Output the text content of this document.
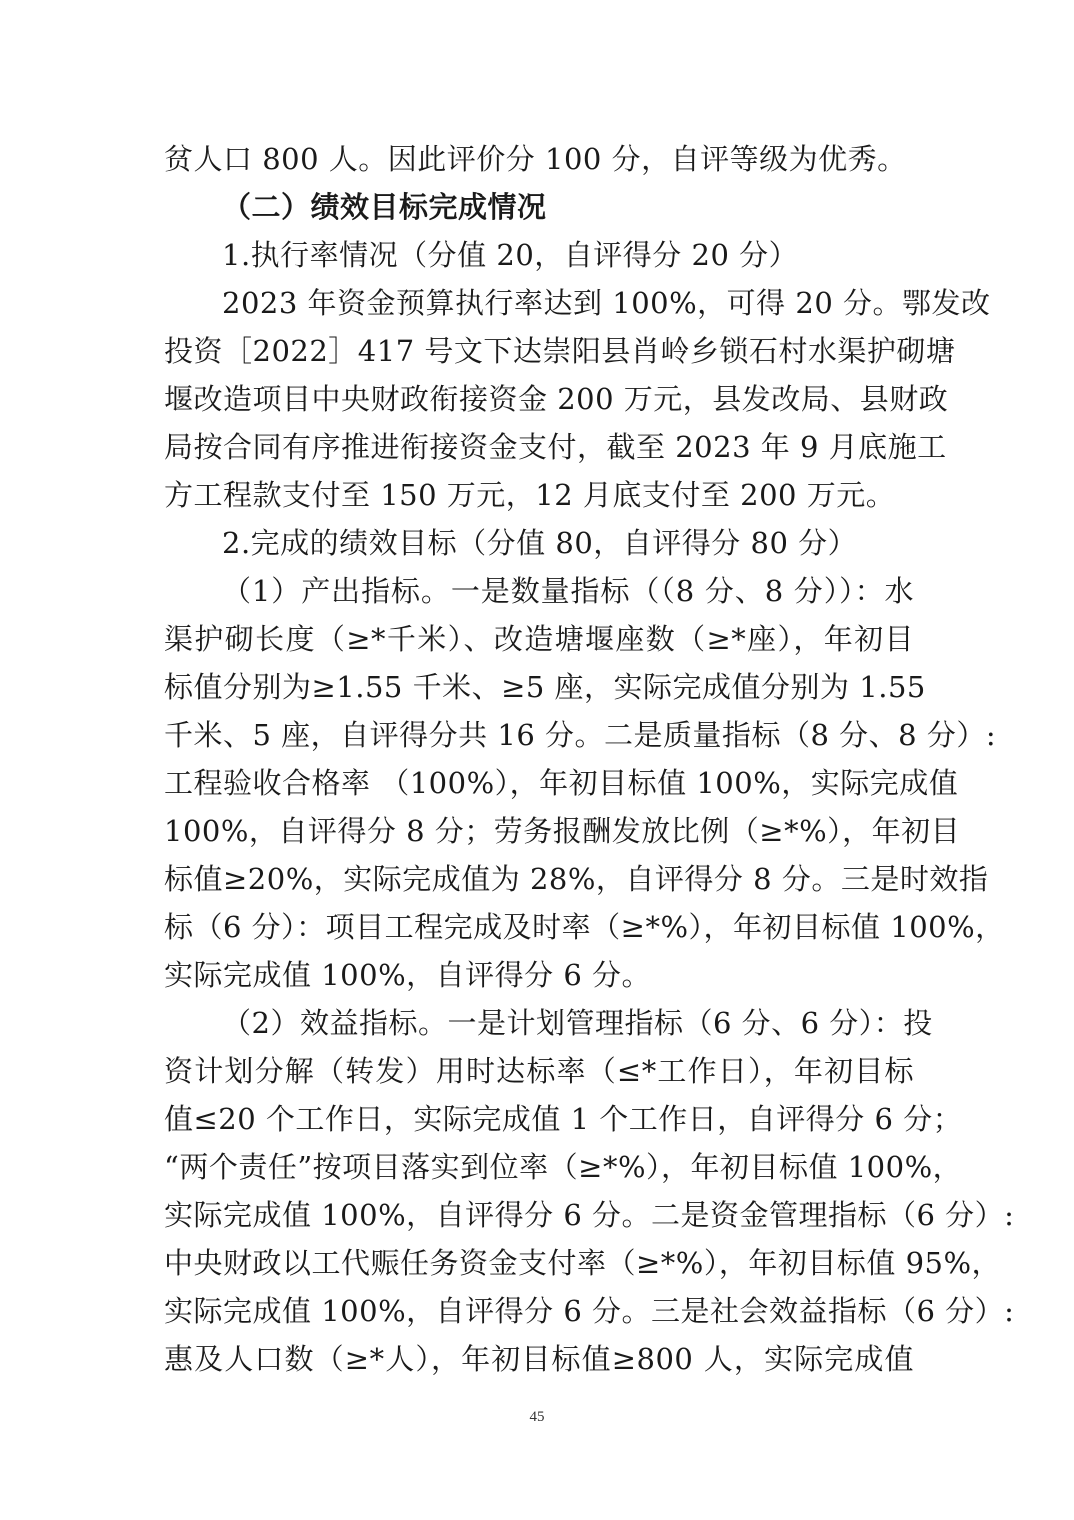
贫人口 800 人。因此评价分 100 分，自评等级为优秀。
（二）绩效目标完成情况
1.执行率情况（分值 20，自评得分 20 分）
2023 年资金预算执行率达到 100%，可得 20 分。鄂发改
投资［2022］417 号文下达崇阳县肖岭乡锁石村水渠护砌塘
堰改造项目中央财政衔接资金 200 万元，县发改局、县财政
局按合同有序推进衔接资金支付，截至 2023 年 9 月底施工
方工程款支付至 150 万元，12 月底支付至 200 万元。
2.完成的绩效目标（分值 80，自评得分 80 分）
（1）产出指标。一是数量指标（（8 分、8 分））：水
渠护砌长度（≥*千米）、改造塘堰座数（≥*座），年初目
标值分别为≥1.55 千米、≥5 座，实际完成值分别为 1.55
千米、5 座，自评得分共 16 分。二是质量指标（8 分、8 分）:
工程验收合格率 （100%），年初目标值 100%，实际完成值
100%，自评得分 8 分；劳务报酬发放比例（≥*%），年初目
标值≥20%，实际完成值为 28%，自评得分 8 分。三是时效指
标（6 分）：项目工程完成及时率（≥*%），年初目标值 100%，
实际完成值 100%，自评得分 6 分。
（2）效益指标。一是计划管理指标（6 分、6 分）：投
资计划分解（转发）用时达标率（≤*工作日），年初目标
值≤20 个工作日，实际完成值 1 个工作日，自评得分 6 分；
“两个责任”按项目落实到位率（≥*%），年初目标值 100%，
实际完成值 100%，自评得分 6 分。二是资金管理指标（6 分）:
中央财政以工代赈任务资金支付率（≥*%），年初目标值 95%，
实际完成值 100%，自评得分 6 分。三是社会效益指标（6 分）:
惠及人口数（≥*人），年初目标值≥800 人，实际完成值
45
